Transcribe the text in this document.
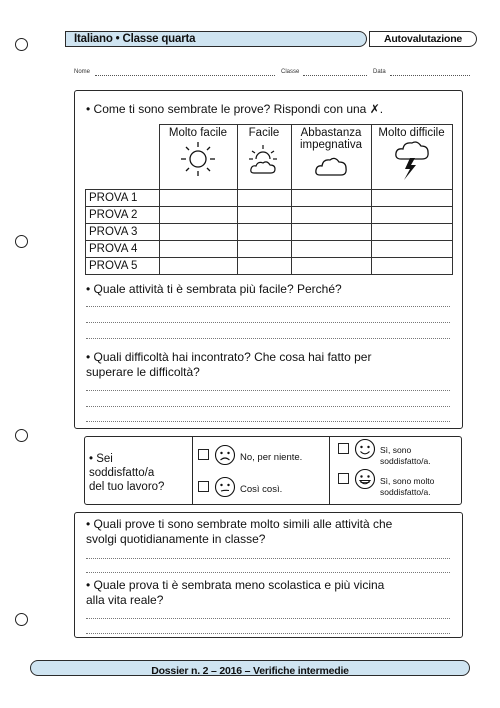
Italiano • Classe quarta	Autovalutazione
Nome	Classe	Data
• Come ti sono sembrate le prove? Rispondi con una ✗.

	Molto facile	Facile	Abbastanza impegnativa	Molto difficile

PROVA 1				
PROVA 2				
PROVA 3				
PROVA 4				
PROVA 5				
• Quale attività ti è sembrata più facile? Perché?
• Quali difficoltà hai incontrato? Che cosa hai fatto per
superare le difficoltà?
• Sei
soddisfatto/a
del tuo lavoro?
No, per niente.
Così così.
Sì, sono
soddisfatto/a.
Sì, sono molto
soddisfatto/a.
• Quali prove ti sono sembrate molto simili alle attività che
svolgi quotidianamente in classe?
• Quale prova ti è sembrata meno scolastica e più vicina
alla vita reale?
Dossier n. 2 – 2016 – Verifiche intermedie
